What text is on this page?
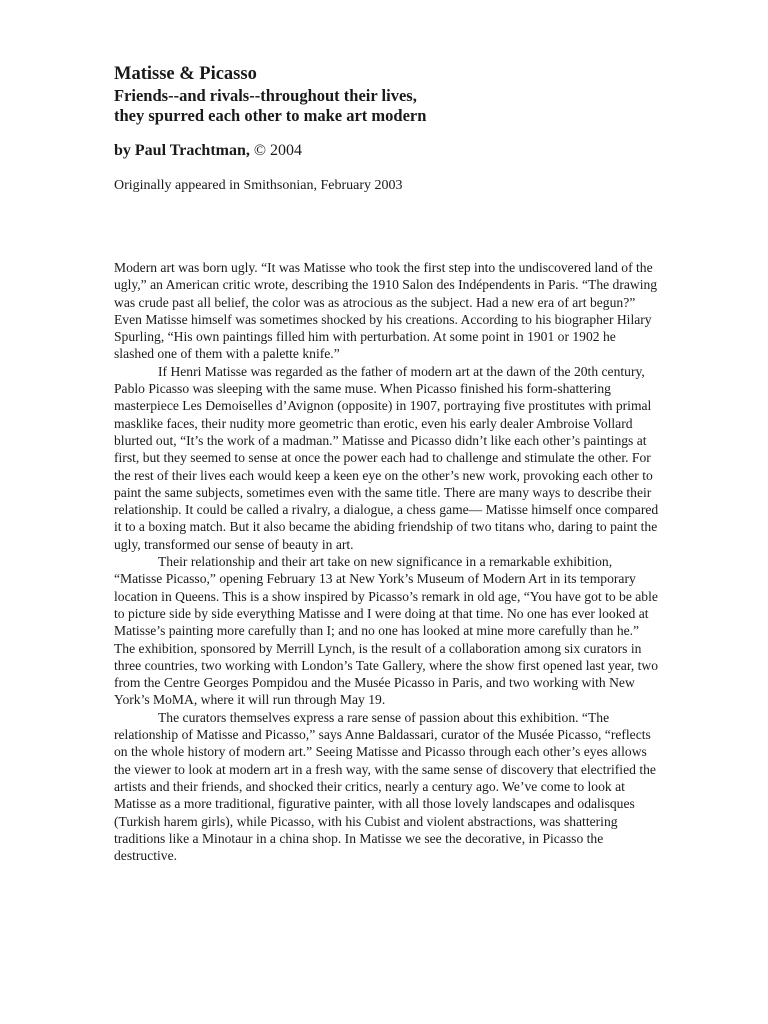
Matisse & Picasso
Friends--and rivals--throughout their lives,
they spurred each other to make art modern
by Paul Trachtman, © 2004
Originally appeared in Smithsonian, February 2003

Modern art was born ugly. “It was Matisse who took the first step into the undiscovered land of the ugly,” an American critic wrote, describing the 1910 Salon des Indépendents in Paris. “The drawing was crude past all belief, the color was as atrocious as the subject. Had a new era of art begun?” Even Matisse himself was sometimes shocked by his creations. According to his biographer Hilary Spurling, “His own paintings filled him with perturbation. At some point in 1901 or 1902 he slashed one of them with a palette knife.”

If Henri Matisse was regarded as the father of modern art at the dawn of the 20th century, Pablo Picasso was sleeping with the same muse. When Picasso finished his form-shattering masterpiece Les Demoiselles d’Avignon (opposite) in 1907, portraying five prostitutes with primal masklike faces, their nudity more geometric than erotic, even his early dealer Ambroise Vollard blurted out, “It’s the work of a madman.” Matisse and Picasso didn’t like each other’s paintings at first, but they seemed to sense at once the power each had to challenge and stimulate the other. For the rest of their lives each would keep a keen eye on the other’s new work, provoking each other to paint the same subjects, sometimes even with the same title. There are many ways to describe their relationship. It could be called a rivalry, a dialogue, a chess game— Matisse himself once compared it to a boxing match. But it also became the abiding friendship of two titans who, daring to paint the ugly, transformed our sense of beauty in art.

Their relationship and their art take on new significance in a remarkable exhibition, “Matisse Picasso,” opening February 13 at New York’s Museum of Modern Art in its temporary location in Queens. This is a show inspired by Picasso’s remark in old age, “You have got to be able to picture side by side everything Matisse and I were doing at that time. No one has ever looked at Matisse’s painting more carefully than I; and no one has looked at mine more carefully than he.” The exhibition, sponsored by Merrill Lynch, is the result of a collaboration among six curators in three countries, two working with London’s Tate Gallery, where the show first opened last year, two from the Centre Georges Pompidou and the Musée Picasso in Paris, and two working with New York’s MoMA, where it will run through May 19.

The curators themselves express a rare sense of passion about this exhibition. “The relationship of Matisse and Picasso,” says Anne Baldassari, curator of the Musée Picasso, “reflects on the whole history of modern art.” Seeing Matisse and Picasso through each other’s eyes allows the viewer to look at modern art in a fresh way, with the same sense of discovery that electrified the artists and their friends, and shocked their critics, nearly a century ago. We’ve come to look at Matisse as a more traditional, figurative painter, with all those lovely landscapes and odalisques (Turkish harem girls), while Picasso, with his Cubist and violent abstractions, was shattering traditions like a Minotaur in a china shop. In Matisse we see the decorative, in Picasso the destructive.
